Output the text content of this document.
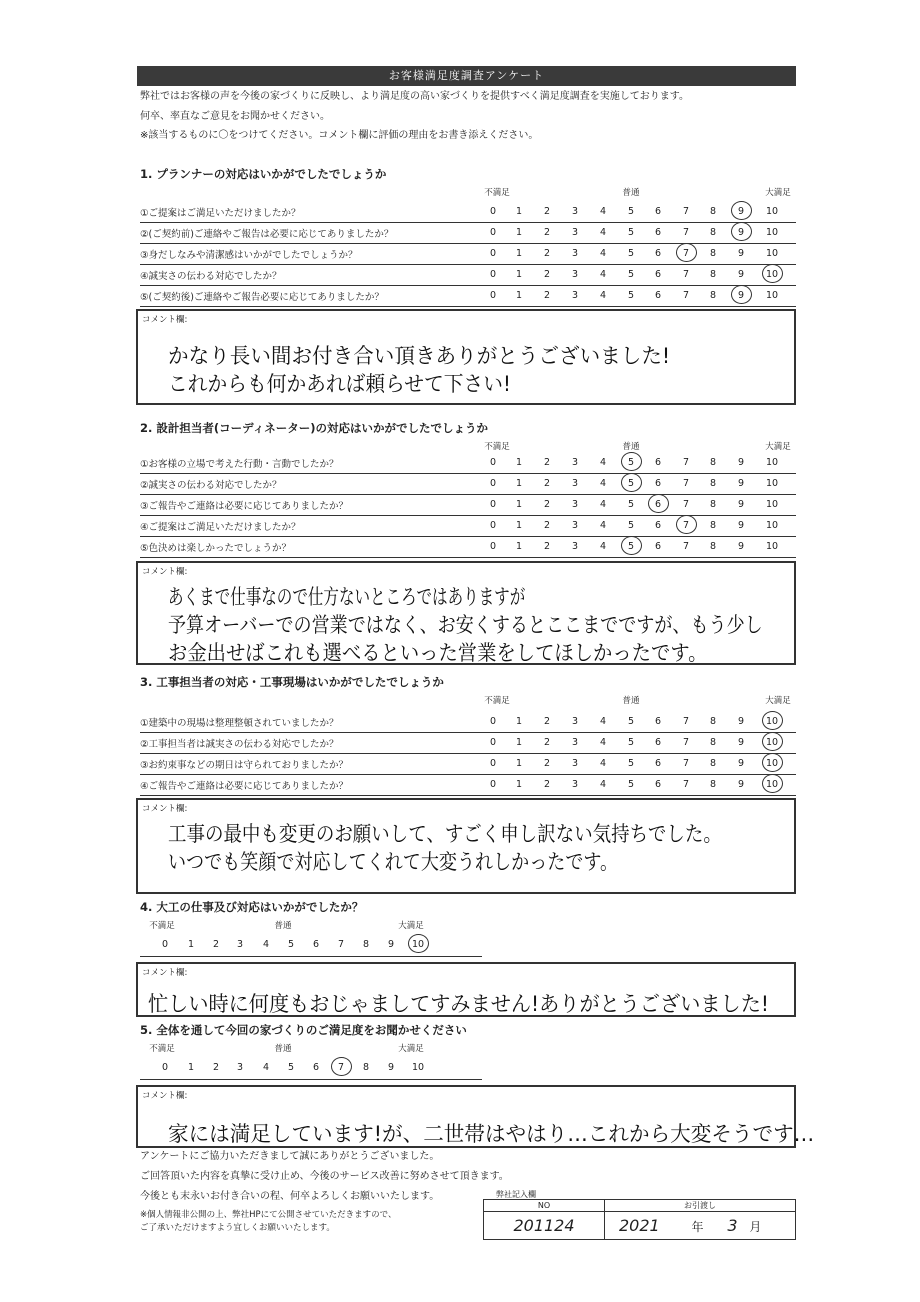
お客様満足度調査アンケート
弊社ではお客様の声を今後の家づくりに反映し、より満足度の高い家づくりを提供すべく満足度調査を実施しております。
何卒、率直なご意見をお聞かせください。
※該当するものに〇をつけてください。コメント欄に評価の理由をお書き添えください。
1. プランナーの対応はいかがでしたでしょうか
不満足	普通	大満足
①ご提案はご満足いただけましたか？	0	1	2	3	4	5	6	7	8	9	10
②(ご契約前)ご連絡やご報告は必要に応じてありましたか？	0	1	2	3	4	5	6	7	8	9	10
③身だしなみや清潔感はいかがでしたでしょうか？	0	1	2	3	4	5	6	7	8	9	10
④誠実さの伝わる対応でしたか？	0	1	2	3	4	5	6	7	8	9	10
⑤(ご契約後)ご連絡やご報告必要に応じてありましたか？	0	1	2	3	4	5	6	7	8	9	10
コメント欄:
かなり長い間お付き合い頂きありがとうございました!
これからも何かあれば頼らせて下さい!
2. 設計担当者(コーディネーター)の対応はいかがでしたでしょうか
不満足	普通	大満足
①お客様の立場で考えた行動・言動でしたか？	0	1	2	3	4	5	6	7	8	9	10
②誠実さの伝わる対応でしたか？	0	1	2	3	4	5	6	7	8	9	10
③ご報告やご連絡は必要に応じてありましたか？	0	1	2	3	4	5	6	7	8	9	10
④ご提案はご満足いただけましたか？	0	1	2	3	4	5	6	7	8	9	10
⑤色決めは楽しかったでしょうか？	0	1	2	3	4	5	6	7	8	9	10
コメント欄:
あくまで仕事なので仕方ないところではありますが
予算オーバーでの営業ではなく、お安くするとここまでですが、もう少し
お金出せばこれも選べるといった営業をしてほしかったです。
3. 工事担当者の対応・工事現場はいかがでしたでしょうか
不満足	普通	大満足
①建築中の現場は整理整頓されていましたか？	0	1	2	3	4	5	6	7	8	9	10
②工事担当者は誠実さの伝わる対応でしたか？	0	1	2	3	4	5	6	7	8	9	10
③お約束事などの期日は守られておりましたか？	0	1	2	3	4	5	6	7	8	9	10
④ご報告やご連絡は必要に応じてありましたか？	0	1	2	3	4	5	6	7	8	9	10
コメント欄:
工事の最中も変更のお願いして、すごく申し訳ない気持ちでした。
いつでも笑顔で対応してくれて大変うれしかったです。
4. 大工の仕事及び対応はいかがでしたか？
不満足	普通	大満足
0	1	2	3	4	5	6	7	8	9	10
コメント欄:
忙しい時に何度もおじゃましてすみません!ありがとうございました!
5. 全体を通して今回の家づくりのご満足度をお聞かせください
不満足	普通	大満足
0	1	2	3	4	5	6	7	8	9	10
コメント欄:
家には満足しています!が、二世帯はやはり…これから大変そうです…
アンケートにご協力いただきまして誠にありがとうございました。
ご回答頂いた内容を真摯に受け止め、今後のサービス改善に努めさせて頂きます。
今後とも末永いお付き合いの程、何卒よろしくお願いいたします。
※個人情報非公開の上、弊社HPにて公開させていただきますので、
ご了承いただけますよう宜しくお願いいたします。
弊社記入欄
NO	お引渡し
201124	2021 年 3 月
